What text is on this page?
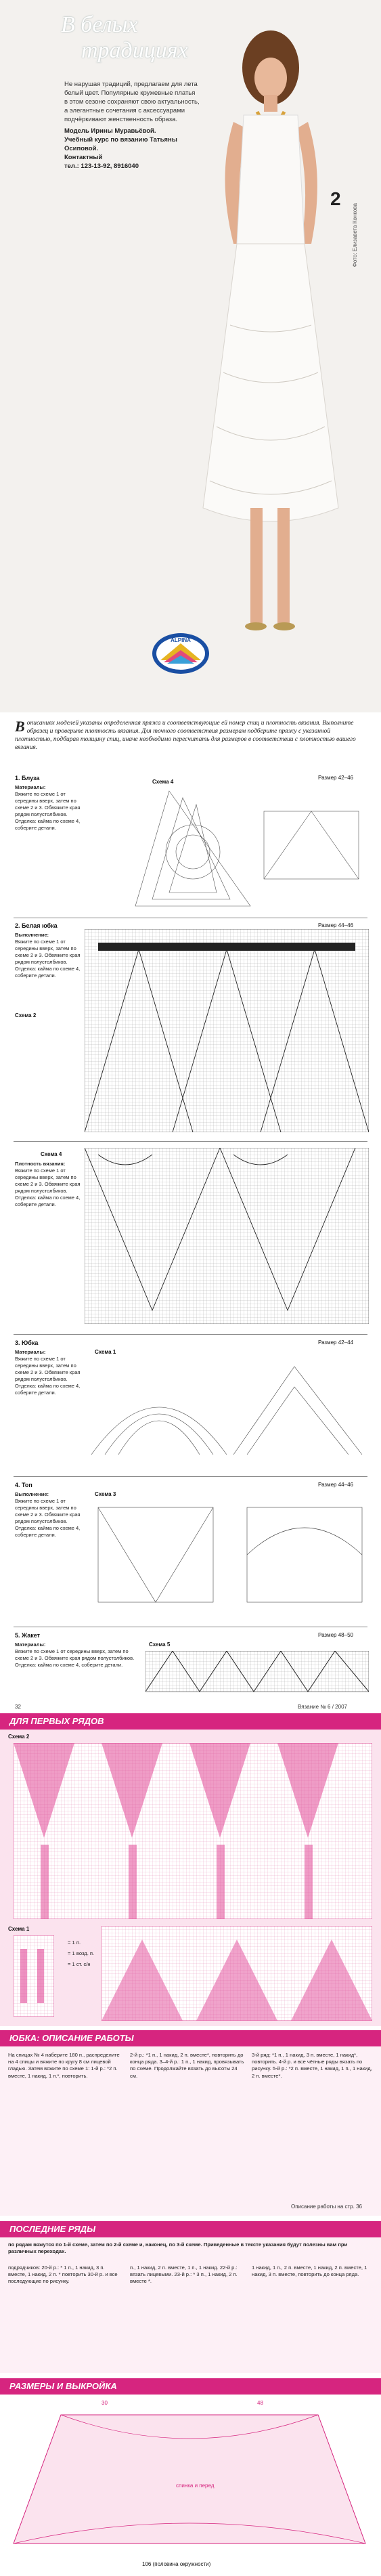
В белых
традициях
Не нарушая традиций, предлагаем для лета белый цвет. Популярные кружевные платья в этом сезоне сохраняют свою актуальность, а элегантные сочетания с аксессуарами подчёркивают женственность образа.
Модель Ирины Муравьёвой.
Учебный курс по вязанию Татьяны Осиповой.
Контактный
тел.: 123-13-92, 8916040
2
Фото: Елизавета Конкова
ALPINA
Вописаниях моделей указаны определенная пряжа и соответствующие ей номер спиц и плотность вязания. Выполните образец и проверьте плотность вязания. Для точного соответствия размерам подберите пряжу с указанной плотностью, подбирая толщину спиц, иначе необходимо пересчитать для размеров в соответствии с плотностью вашего вязания.
1. Блуза	Размер 42–46
Материалы:
Вяжите по схеме 1 от середины вверх, затем по схеме 2 и 3. Обвяжите края рядом полустолбиков. Отделка: кайма по схеме 4, соберите детали.
Схема 4
2. Белая юбка	Размер 44–46
Выполнение:
Вяжите по схеме 1 от середины вверх, затем по схеме 2 и 3. Обвяжите края рядом полустолбиков. Отделка: кайма по схеме 4, соберите детали.
Схема 2
Схема 4
Плотность вязания:
Вяжите по схеме 1 от середины вверх, затем по схеме 2 и 3. Обвяжите края рядом полустолбиков. Отделка: кайма по схеме 4, соберите детали.
3. Юбка	Размер 42–44
Материалы:
Вяжите по схеме 1 от середины вверх, затем по схеме 2 и 3. Обвяжите края рядом полустолбиков. Отделка: кайма по схеме 4, соберите детали.
Схема 1
4. Топ	Размер 44–46
Выполнение:
Вяжите по схеме 1 от середины вверх, затем по схеме 2 и 3. Обвяжите края рядом полустолбиков. Отделка: кайма по схеме 4, соберите детали.
Схема 3
5. Жакет	Размер 48–50
Материалы:
Вяжите по схеме 1 от середины вверх, затем по схеме 2 и 3. Обвяжите края рядом полустолбиков. Отделка: кайма по схеме 4, соберите детали.
Схема 5
32	Вязание № 6 / 2007
ДЛЯ ПЕРВЫХ РЯДОВ
Схема 2
Схема 1
= 1 п.
= 1 возд. п.
= 1 ст. с/н
ЮБКА: ОПИСАНИЕ РАБОТЫ
На спицах № 4 наберите 180 п., распределите на 4 спицы и вяжите по кругу 8 см лицевой гладью. Затем вяжите по схеме 1: 1-й р.: *2 п. вместе, 1 накид, 1 п.*, повторить.
2-й р.: *1 п., 1 накид, 2 п. вместе*, повторить до конца ряда. 3–4-й р.: 1 п., 1 накид, провязывать по схеме. Продолжайте вязать до высоты 24 см.
3-й ряд: *1 п., 1 накид, 3 п. вместе, 1 накид*, повторить. 4-й р. и все чётные ряды вязать по рисунку. 5-й р.: *2 п. вместе, 1 накид, 1 п., 1 накид, 2 п. вместе*.
Описание работы на стр. 36
ПОСЛЕДНИЕ РЯДЫ
по рядам вяжутся по 1-й схеме, затем по 2-й схеме и, наконец, по 3-й схеме. Приведенные в тексте указания будут полезны вам при различных переходах.
подрядчиков: 20-й р.: * 1 п., 1 накид, 3 п. вместе, 1 накид, 2 п. * повторить 30-й р. и все последующие по рисунку.
п., 1 накид, 2 п. вместе, 1 п., 1 накид. 22-й р.: вязать лицевыми. 23-й р.: * 3 п., 1 накид, 2 п. вместе *.
1 накид, 1 п., 2 п. вместе, 1 накид, 2 п. вместе, 1 накид, 3 п. вместе, повторить до конца ряда.
РАЗМЕРЫ И ВЫКРОЙКА
спинка и перед
30	48
106 (половина окружности)
